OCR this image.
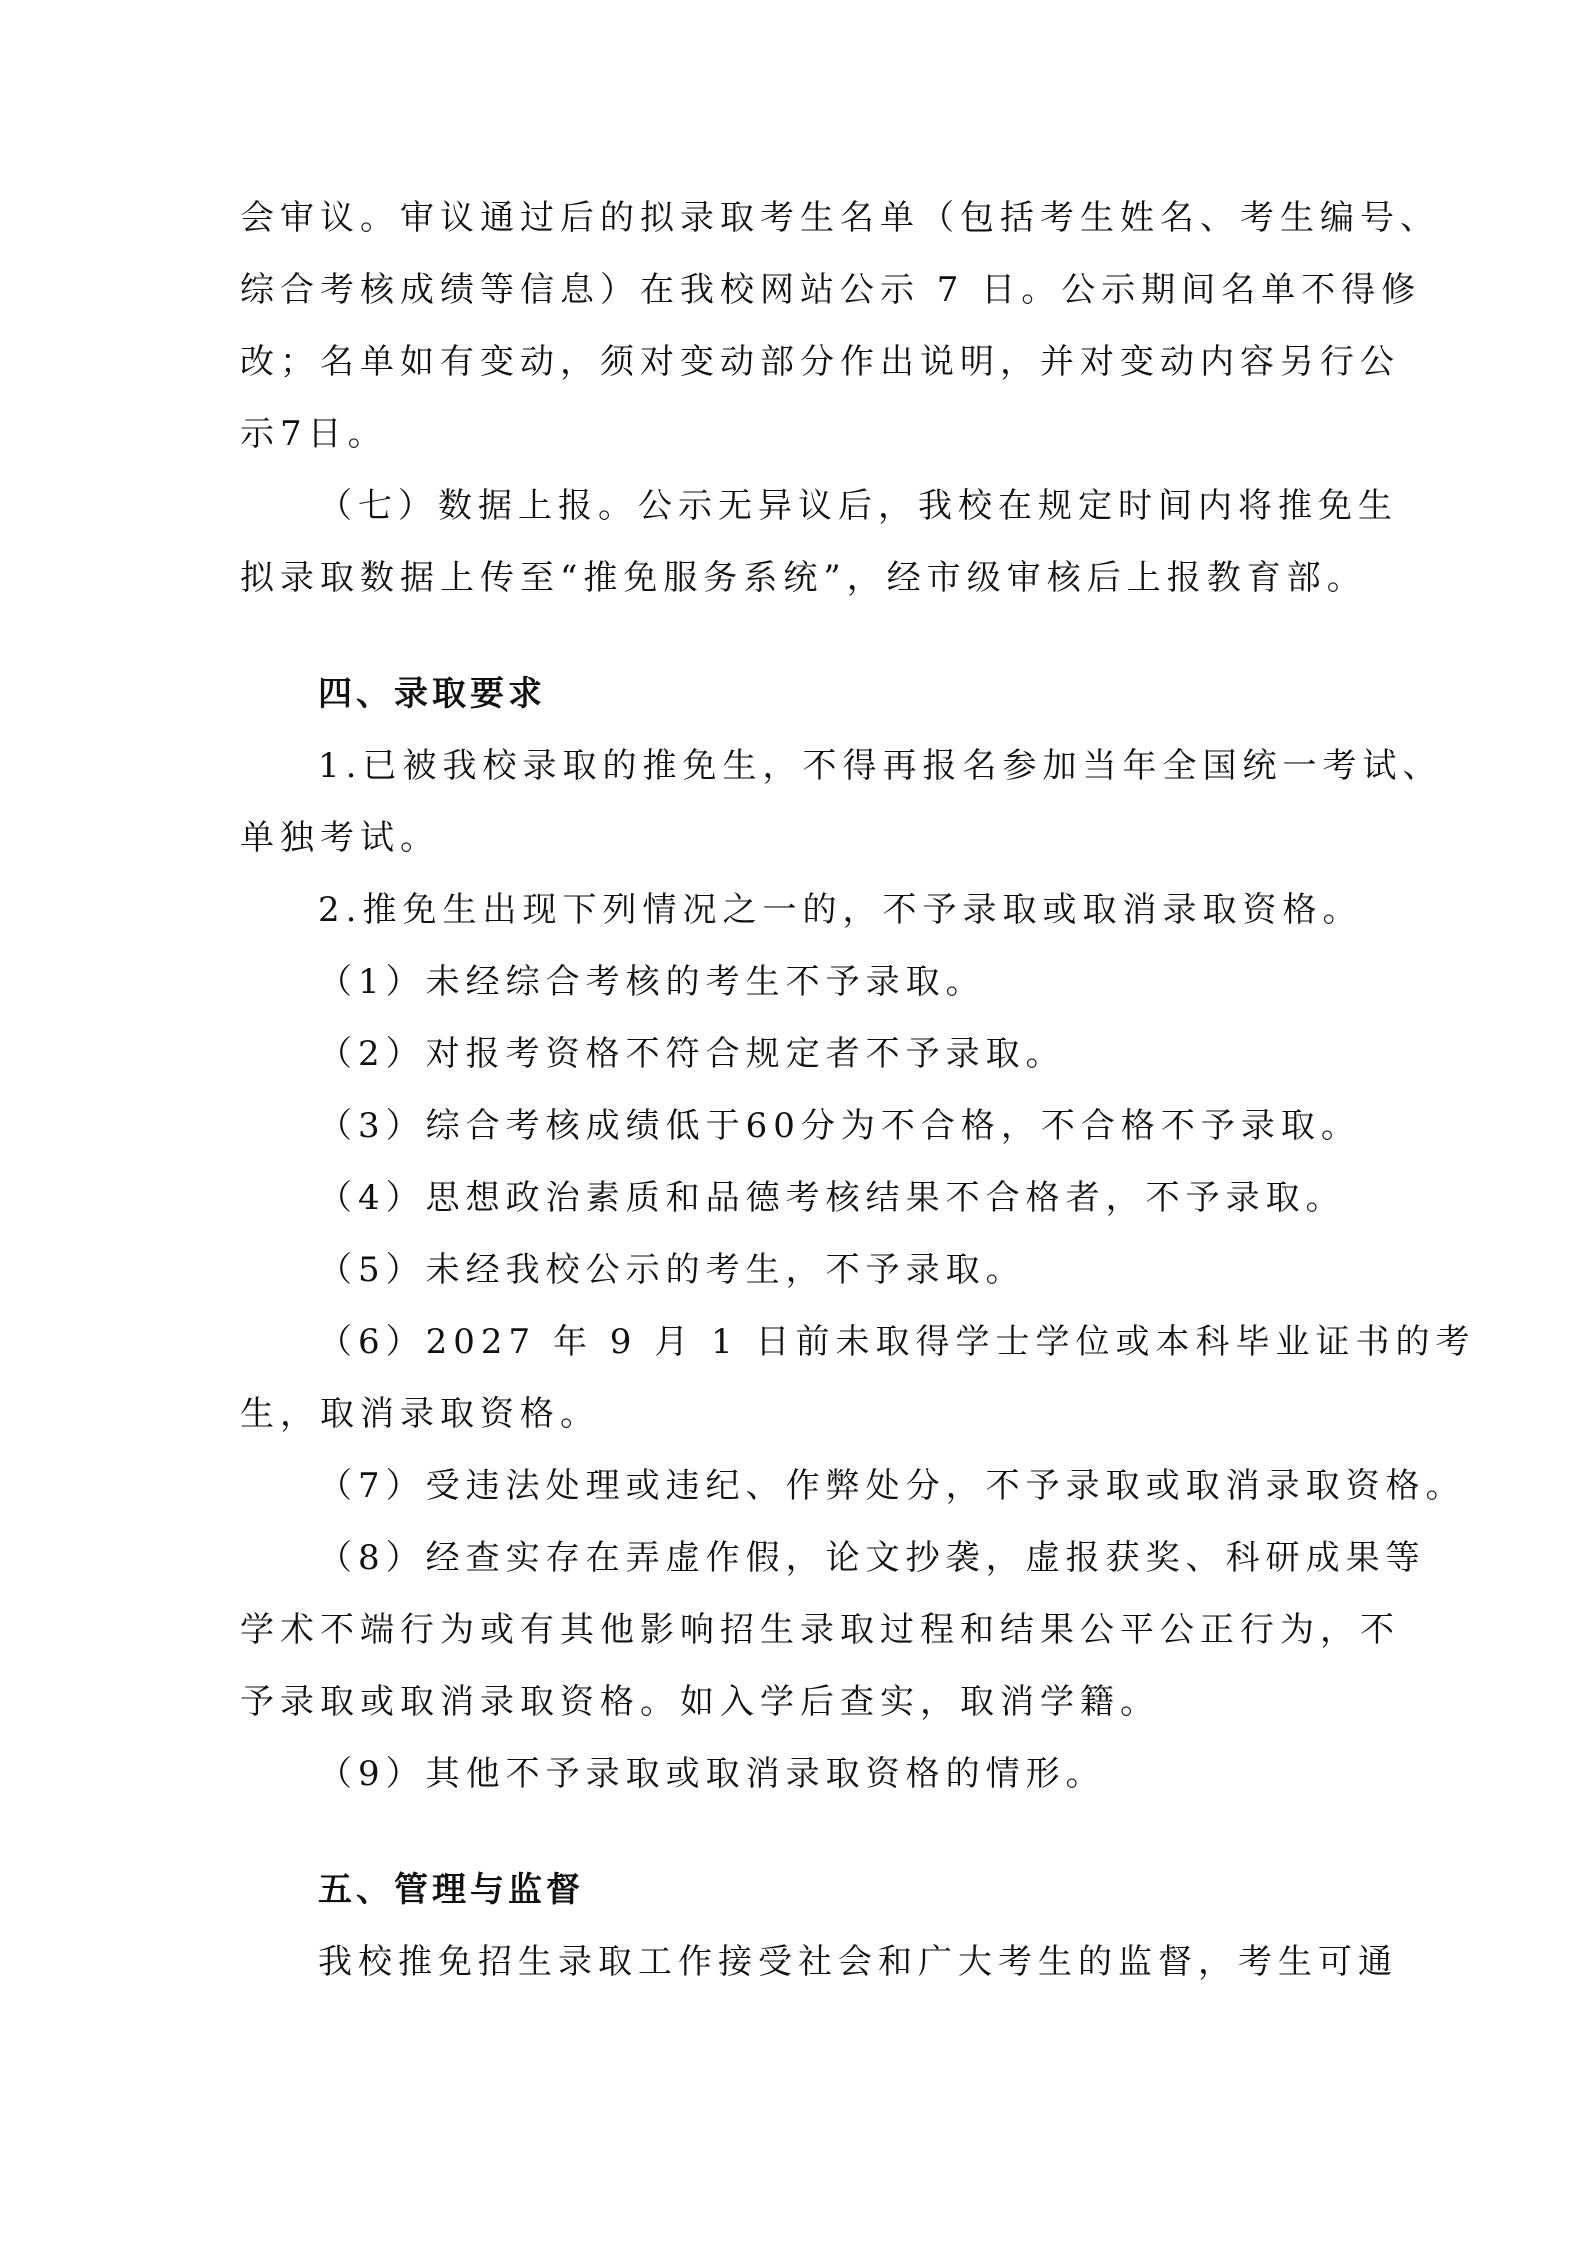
会审议。审议通过后的拟录取考生名单（包括考生姓名、考生编号、
综合考核成绩等信息）在我校网站公示 7 日。公示期间名单不得修
改；名单如有变动，须对变动部分作出说明，并对变动内容另行公
示7日。
（七）数据上报。公示无异议后，我校在规定时间内将推免生
拟录取数据上传至“推免服务系统”，经市级审核后上报教育部。
四、录取要求
1.已被我校录取的推免生，不得再报名参加当年全国统一考试、
单独考试。
2.推免生出现下列情况之一的，不予录取或取消录取资格。
（1）未经综合考核的考生不予录取。
（2）对报考资格不符合规定者不予录取。
（3）综合考核成绩低于60分为不合格，不合格不予录取。
（4）思想政治素质和品德考核结果不合格者，不予录取。
（5）未经我校公示的考生，不予录取。
（6）2027 年 9 月 1 日前未取得学士学位或本科毕业证书的考
生，取消录取资格。
（7）受违法处理或违纪、作弊处分，不予录取或取消录取资格。
（8）经查实存在弄虚作假，论文抄袭，虚报获奖、科研成果等
学术不端行为或有其他影响招生录取过程和结果公平公正行为，不
予录取或取消录取资格。如入学后查实，取消学籍。
（9）其他不予录取或取消录取资格的情形。
五、管理与监督
我校推免招生录取工作接受社会和广大考生的监督，考生可通
